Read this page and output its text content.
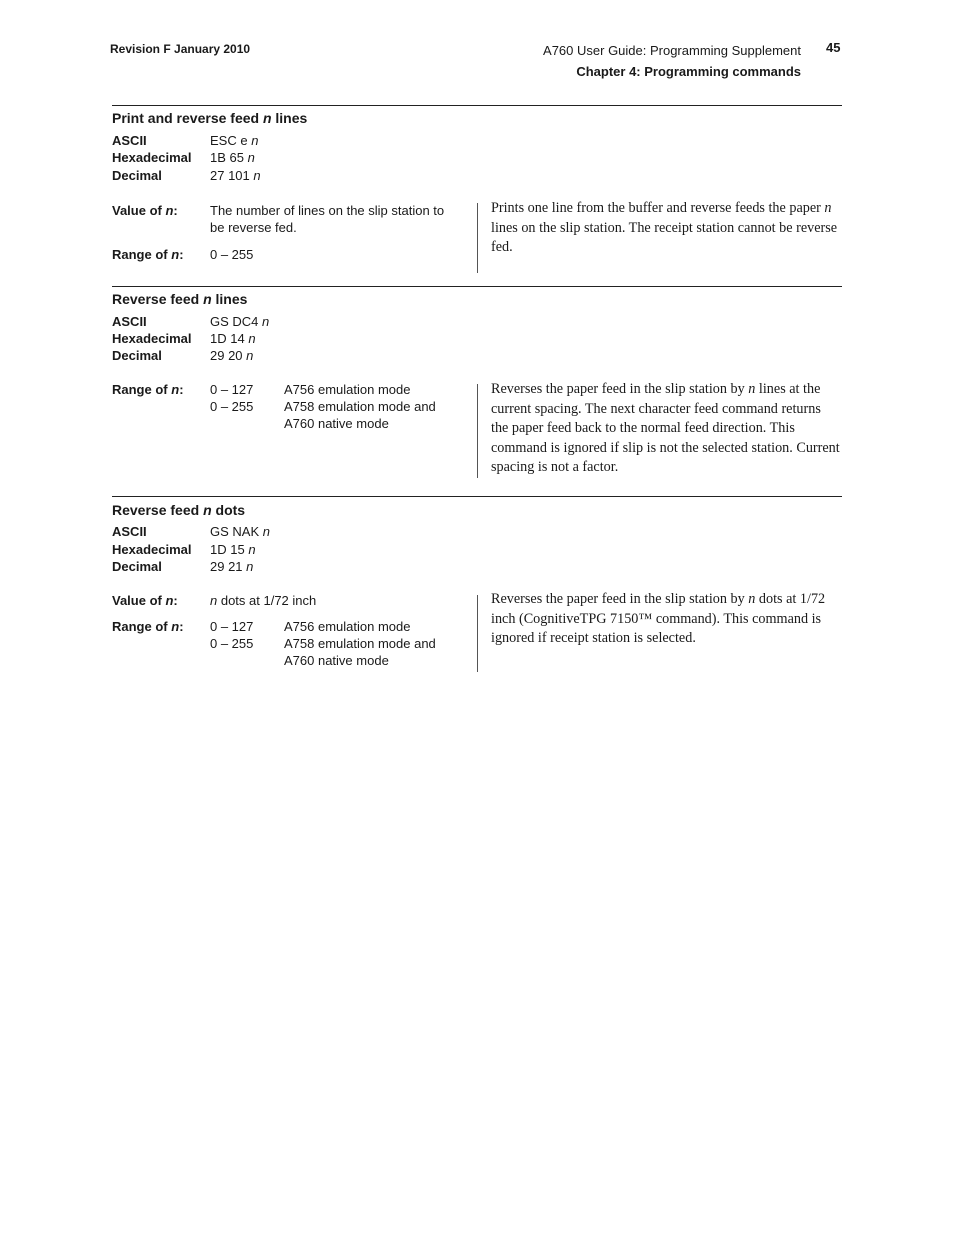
Revision F January 2010	A760 User Guide: Programming Supplement
Chapter 4: Programming commands
45
Print and reverse feed n lines
ASCII	ESC e n
Hexadecimal	1B 65 n
Decimal	27 101 n
Value of n:	The number of lines on the slip station to be reverse fed.
Range of n:	0 – 255
Prints one line from the buffer and reverse feeds the paper n lines on the slip station. The receipt station cannot be reverse fed.
Reverse feed n lines
ASCII	GS DC4 n
Hexadecimal	1D 14 n
Decimal	29 20 n
Range of n:	0 – 127 A756 emulation mode
0 – 255 A758 emulation mode and
A760 native mode
Reverses the paper feed in the slip station by n lines at the current spacing. The next character feed command returns the paper feed back to the normal feed direction. This command is ignored if slip is not the selected station. Current spacing is not a factor.
Reverse feed n dots
ASCII	GS NAK n
Hexadecimal	1D 15 n
Decimal	29 21 n
Value of n:	n dots at 1/72 inch
Range of n:	0 – 127 A756 emulation mode
0 – 255 A758 emulation mode and
A760 native mode
Reverses the paper feed in the slip station by n dots at 1/72 inch (CognitiveTPG 7150™ command). This command is ignored if receipt station is selected.
